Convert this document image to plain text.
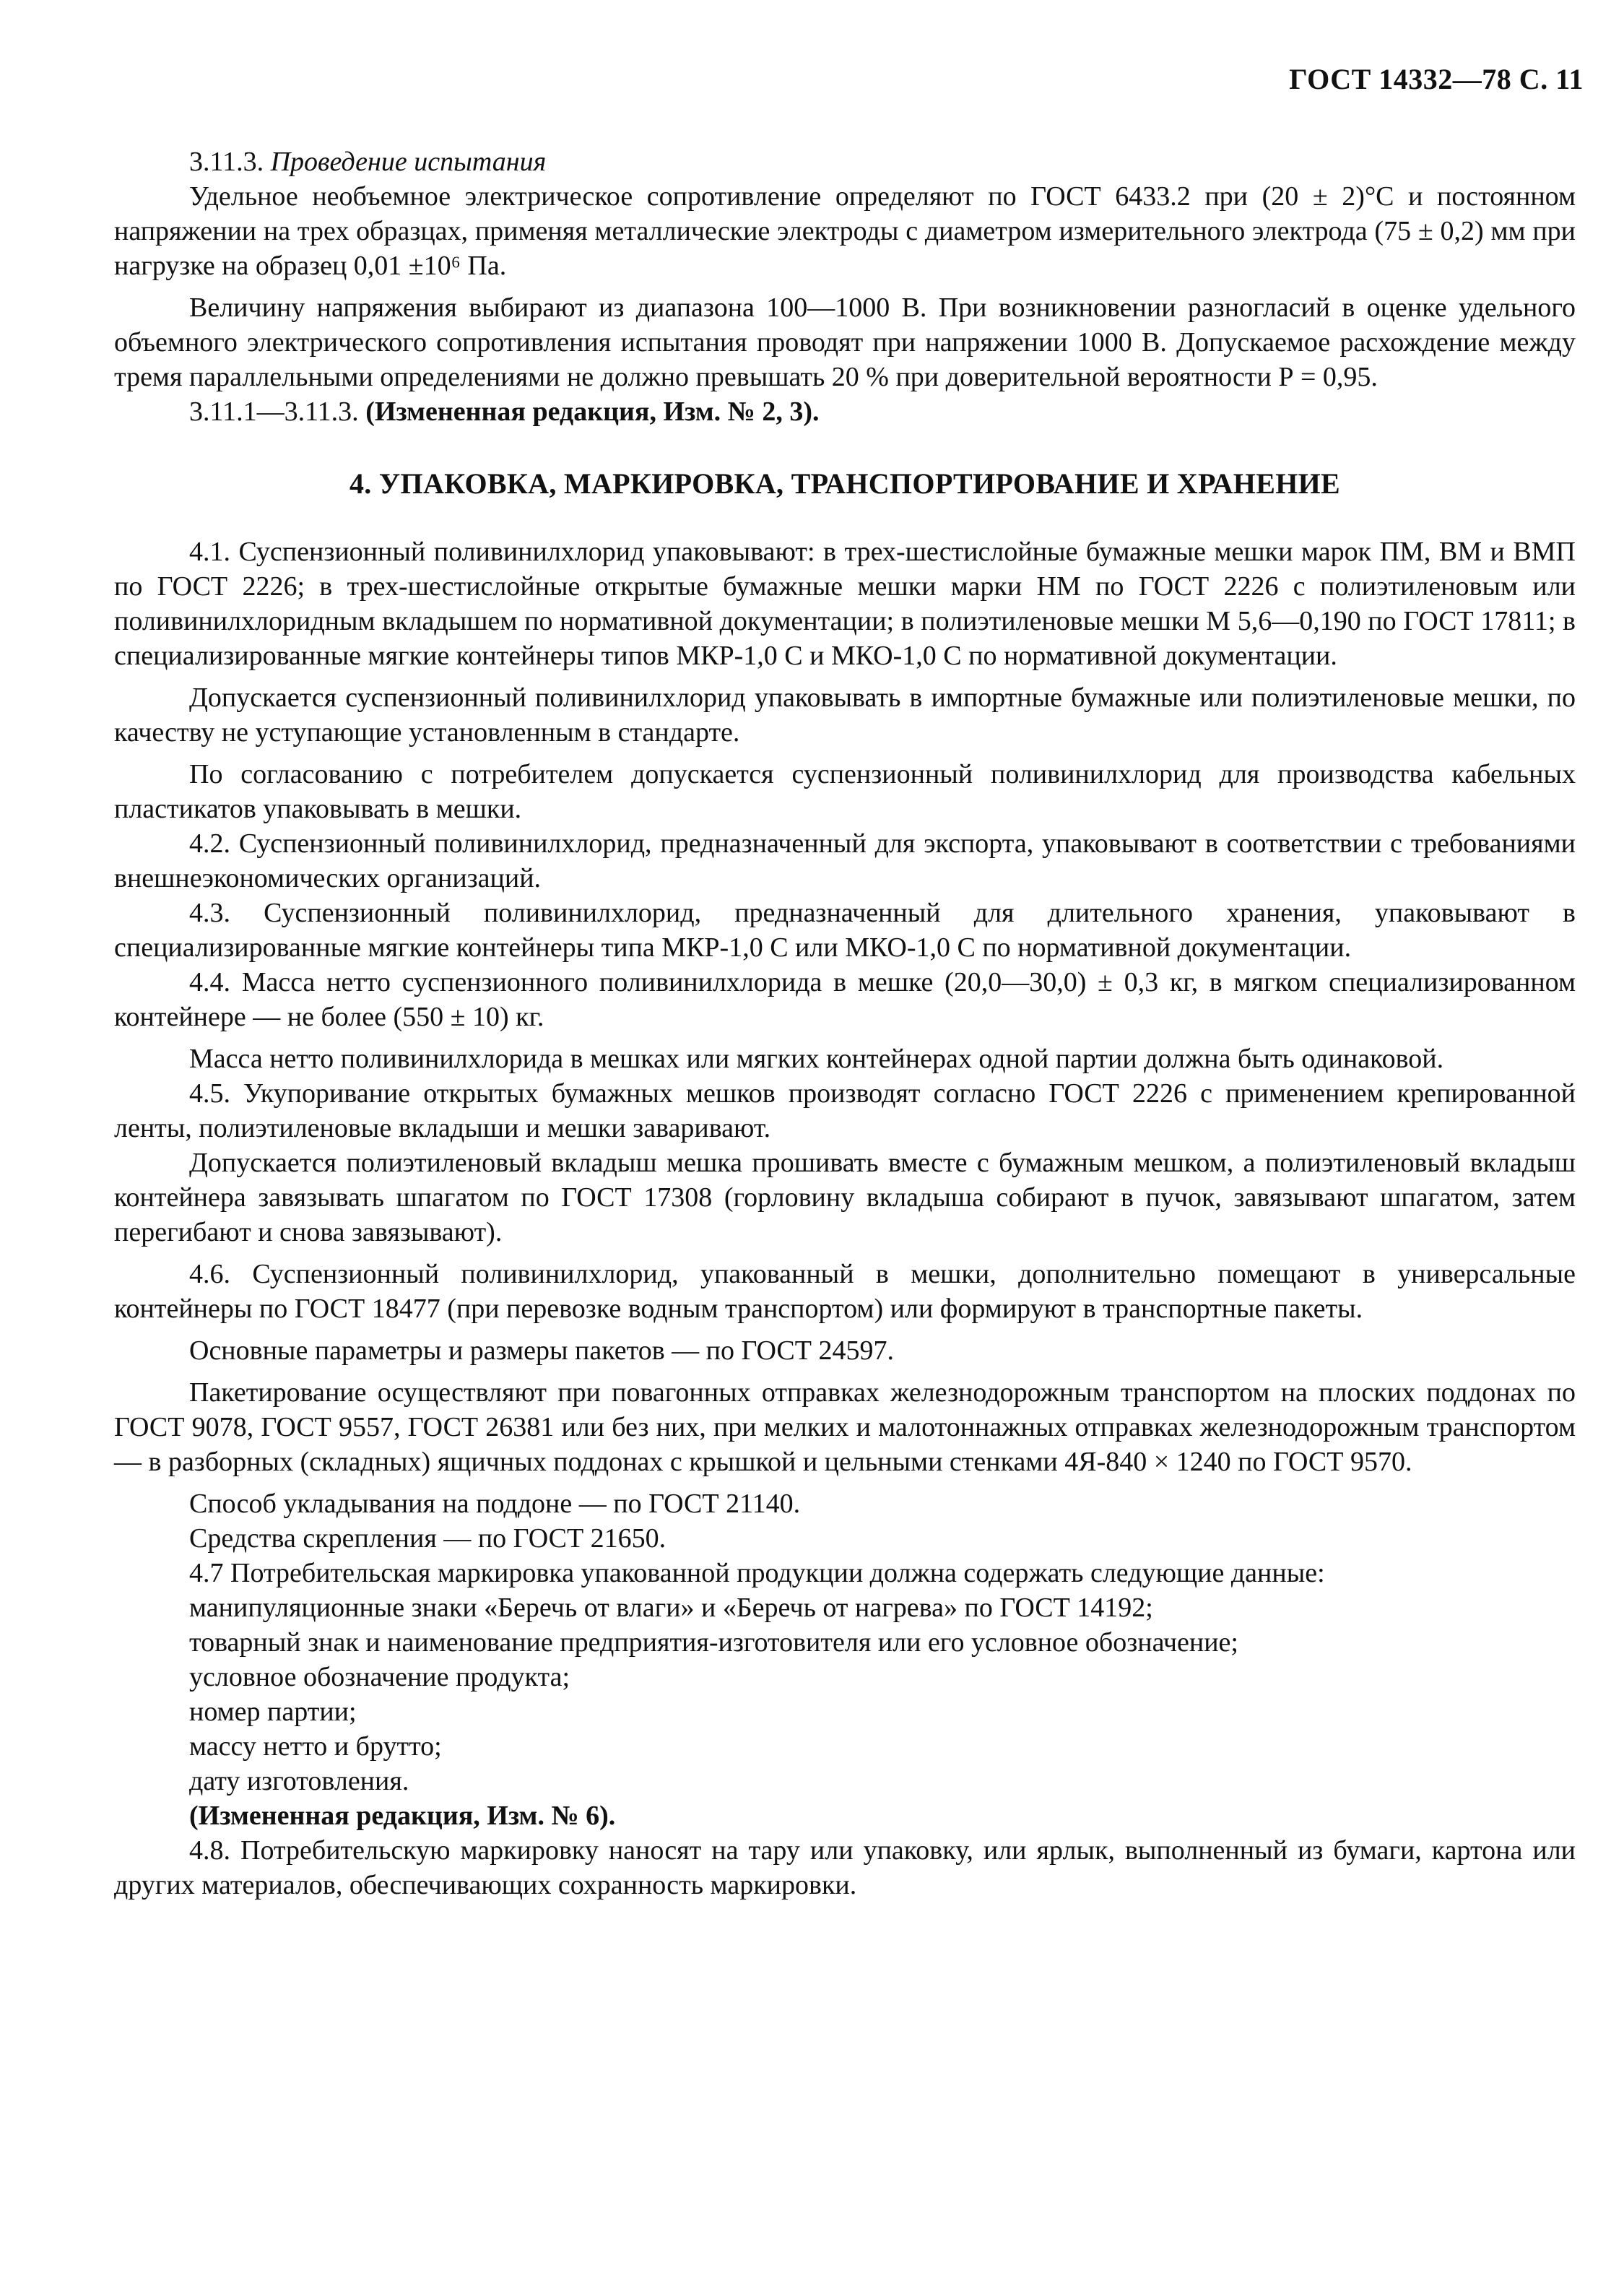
ГОСТ 14332—78 С. 11

3.11.3. Проведение испытания

Удельное необъемное электрическое сопротивление определяют по ГОСТ 6433.2 при (20 ± 2)°С и постоянном напряжении на трех образцах, применяя металлические электроды с диаметром измерительного электрода (75 ± 0,2) мм при нагрузке на образец 0,01 ±10⁶ Па.

Величину напряжения выбирают из диапазона 100—1000 В. При возникновении разногласий в оценке удельного объемного электрического сопротивления испытания проводят при напряжении 1000 В. Допускаемое расхождение между тремя параллельными определениями не должно превышать 20 % при доверительной вероятности Р = 0,95.

3.11.1—3.11.3. (Измененная редакция, Изм. № 2, 3).

4. УПАКОВКА, МАРКИРОВКА, ТРАНСПОРТИРОВАНИЕ И ХРАНЕНИЕ

4.1. Суспензионный поливинилхлорид упаковывают: в трех-шестислойные бумажные мешки марок ПМ, ВМ и ВМП по ГОСТ 2226; в трех-шестислойные открытые бумажные мешки марки НМ по ГОСТ 2226 с полиэтиленовым или поливинилхлоридным вкладышем по нормативной документации; в полиэтиленовые мешки М 5,6—0,190 по ГОСТ 17811; в специализированные мягкие контейнеры типов МКР-1,0 С и МКО-1,0 С по нормативной документации.

Допускается суспензионный поливинилхлорид упаковывать в импортные бумажные или полиэтиленовые мешки, по качеству не уступающие установленным в стандарте.

По согласованию с потребителем допускается суспензионный поливинилхлорид для производства кабельных пластикатов упаковывать в мешки.

4.2. Суспензионный поливинилхлорид, предназначенный для экспорта, упаковывают в соответствии с требованиями внешнеэкономических организаций.

4.3. Суспензионный поливинилхлорид, предназначенный для длительного хранения, упаковывают в специализированные мягкие контейнеры типа МКР-1,0 С или МКО-1,0 С по нормативной документации.

4.4. Масса нетто суспензионного поливинилхлорида в мешке (20,0—30,0) ± 0,3 кг, в мягком специализированном контейнере — не более (550 ± 10) кг.

Масса нетто поливинилхлорида в мешках или мягких контейнерах одной партии должна быть одинаковой.

4.5. Укупоривание открытых бумажных мешков производят согласно ГОСТ 2226 с применением крепированной ленты, полиэтиленовые вкладыши и мешки заваривают.

Допускается полиэтиленовый вкладыш мешка прошивать вместе с бумажным мешком, а полиэтиленовый вкладыш контейнера завязывать шпагатом по ГОСТ 17308 (горловину вкладыша собирают в пучок, завязывают шпагатом, затем перегибают и снова завязывают).

4.6. Суспензионный поливинилхлорид, упакованный в мешки, дополнительно помещают в универсальные контейнеры по ГОСТ 18477 (при перевозке водным транспортом) или формируют в транспортные пакеты.

Основные параметры и размеры пакетов — по ГОСТ 24597.

Пакетирование осуществляют при повагонных отправках железнодорожным транспортом на плоских поддонах по ГОСТ 9078, ГОСТ 9557, ГОСТ 26381 или без них, при мелких и малотоннажных отправках железнодорожным транспортом — в разборных (складных) ящичных поддонах с крышкой и цельными стенками 4Я-840 × 1240 по ГОСТ 9570.

Способ укладывания на поддоне — по ГОСТ 21140.

Средства скрепления — по ГОСТ 21650.

4.7 Потребительская маркировка упакованной продукции должна содержать следующие данные:

манипуляционные знаки «Беречь от влаги» и «Беречь от нагрева» по ГОСТ 14192;

товарный знак и наименование предприятия-изготовителя или его условное обозначение;

условное обозначение продукта;

номер партии;

массу нетто и брутто;

дату изготовления.

(Измененная редакция, Изм. № 6).

4.8. Потребительскую маркировку наносят на тару или упаковку, или ярлык, выполненный из бумаги, картона или других материалов, обеспечивающих сохранность маркировки.
